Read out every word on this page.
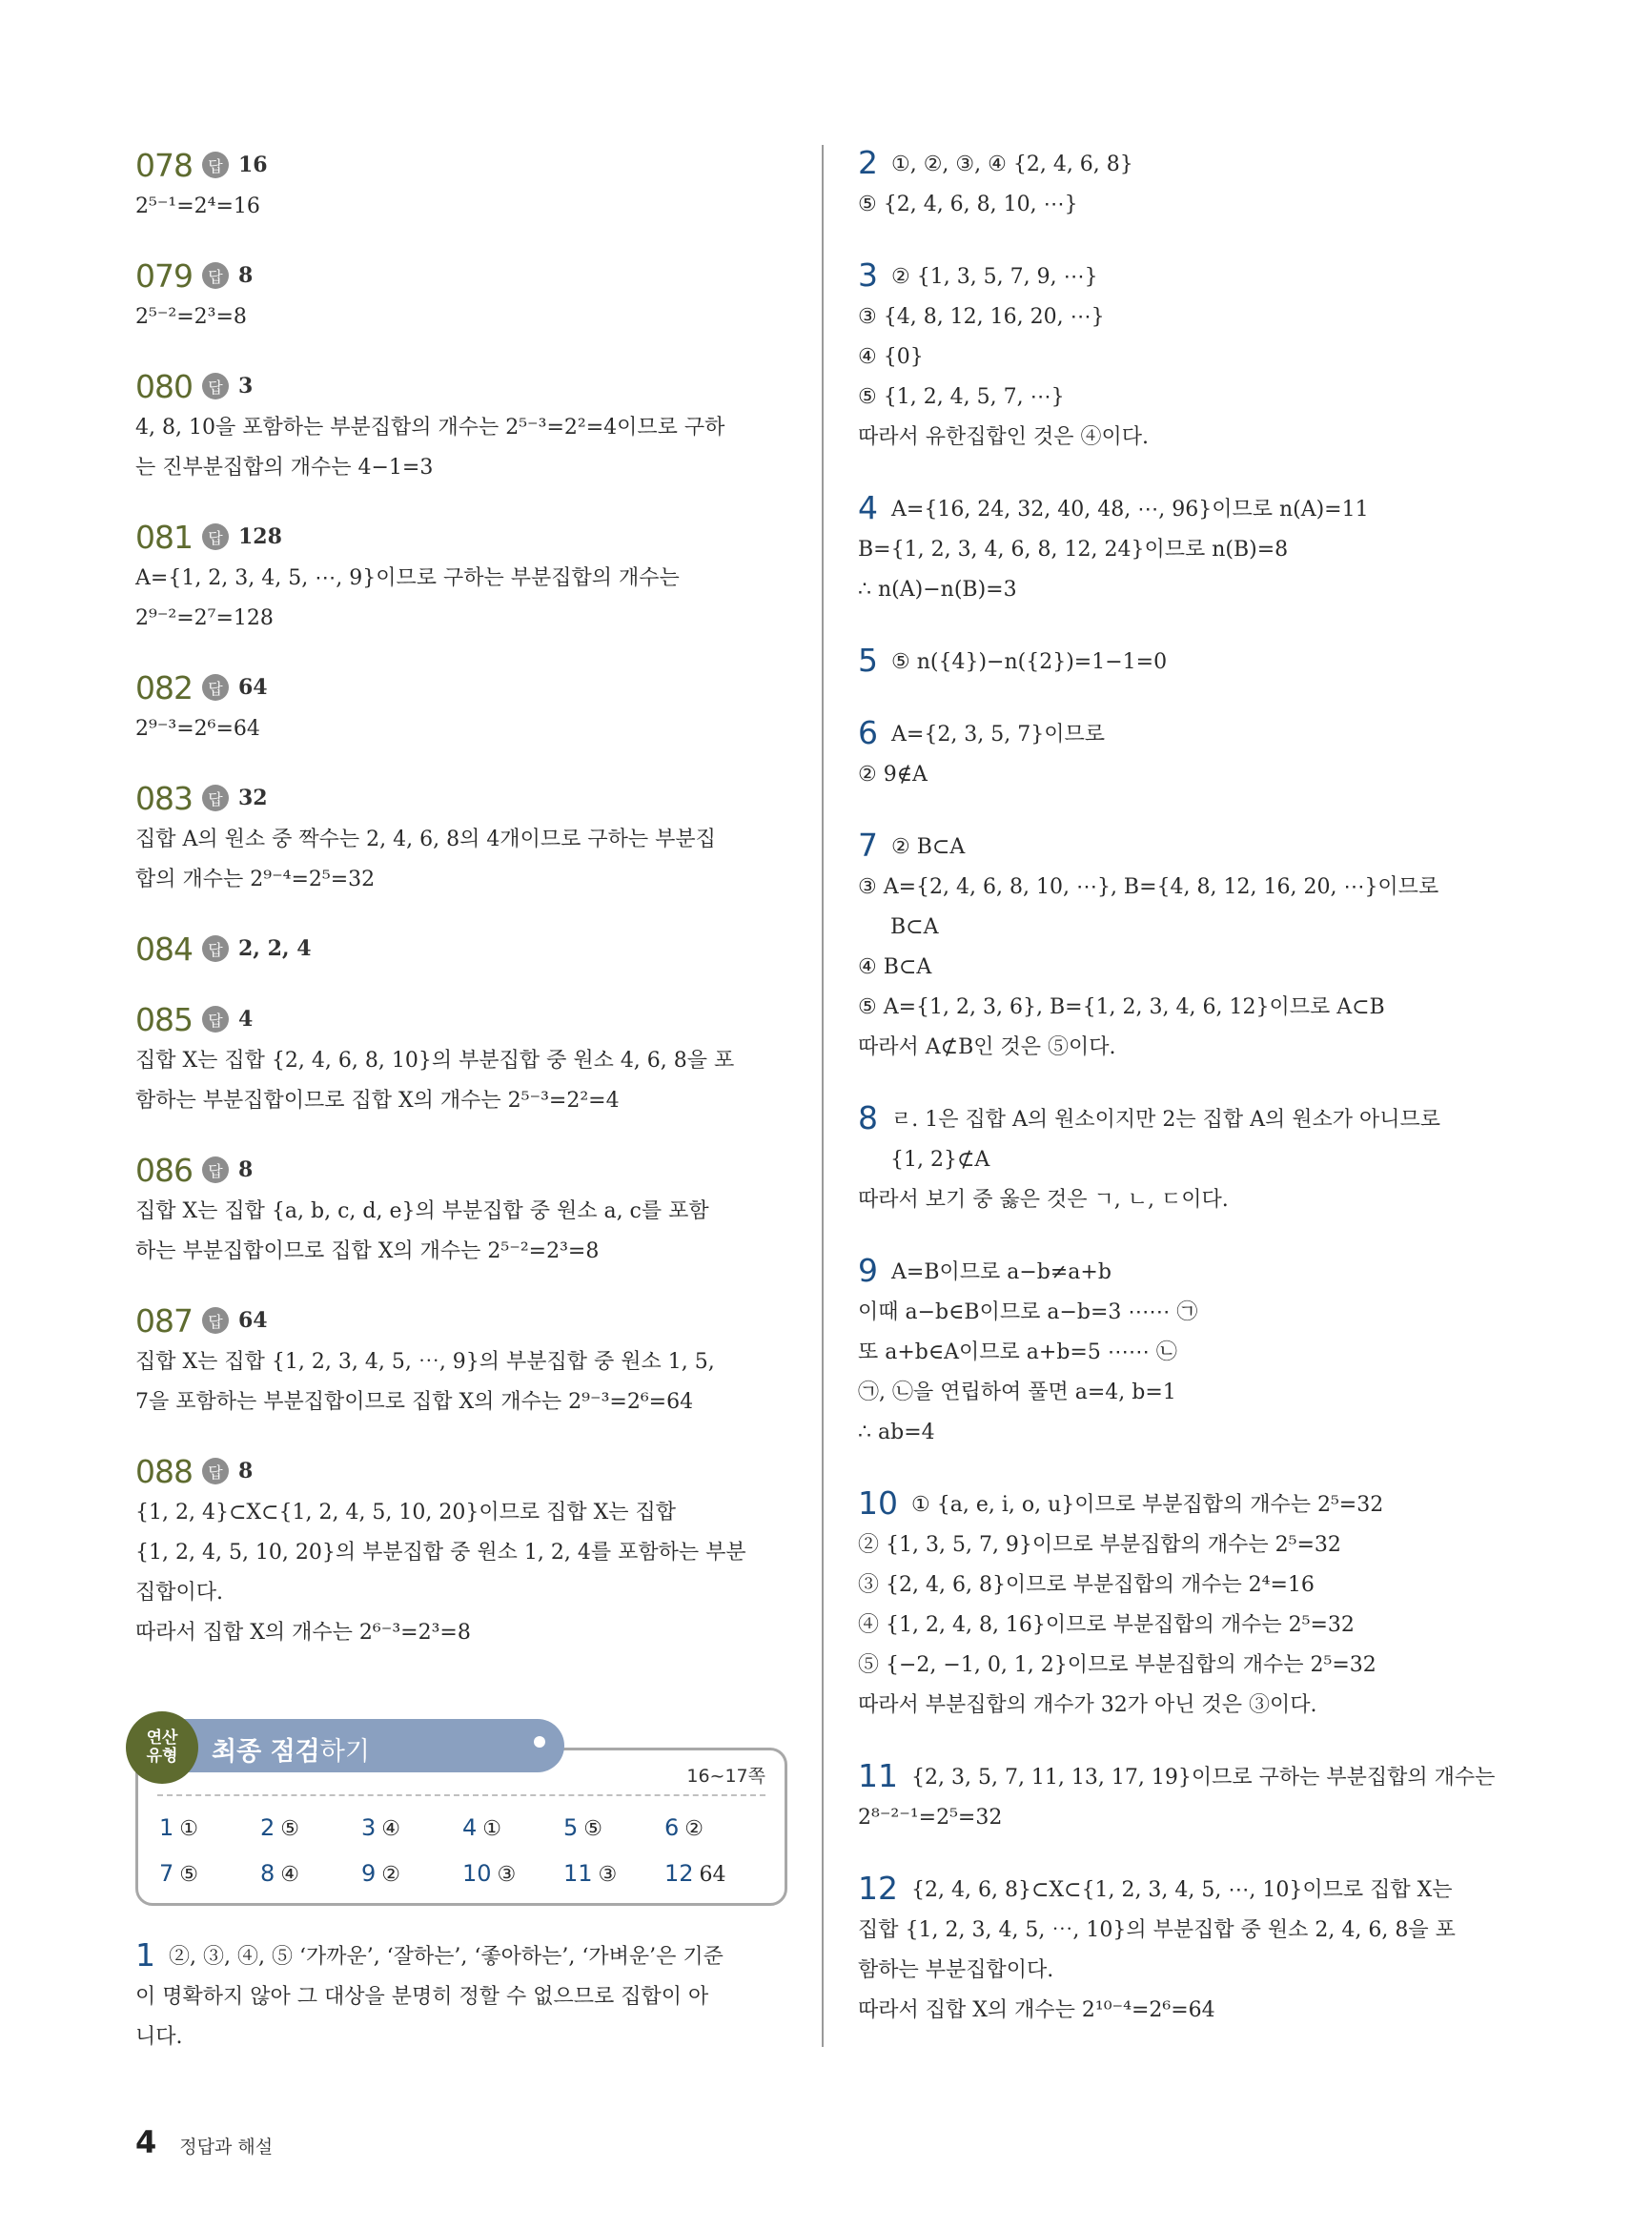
078	답 16
2⁵⁻¹=2⁴=16
079	답 8
2⁵⁻²=2³=8
080	답 3
4, 8, 10을 포함하는 부분집합의 개수는 2⁵⁻³=2²=4이므로 구하
는 진부분집합의 개수는 4−1=3
081	답 128
A={1, 2, 3, 4, 5, ⋯, 9}이므로 구하는 부분집합의 개수는
2⁹⁻²=2⁷=128
082	답 64
2⁹⁻³=2⁶=64
083	답 32
집합 A의 원소 중 짝수는 2, 4, 6, 8의 4개이므로 구하는 부분집
합의 개수는 2⁹⁻⁴=2⁵=32
084	답 2, 2, 4
085	답 4
집합 X는 집합 {2, 4, 6, 8, 10}의 부분집합 중 원소 4, 6, 8을 포
함하는 부분집합이므로 집합 X의 개수는 2⁵⁻³=2²=4
086	답 8
집합 X는 집합 {a, b, c, d, e}의 부분집합 중 원소 a, c를 포함
하는 부분집합이므로 집합 X의 개수는 2⁵⁻²=2³=8
087	답 64
집합 X는 집합 {1, 2, 3, 4, 5, ⋯, 9}의 부분집합 중 원소 1, 5,
7을 포함하는 부분집합이므로 집합 X의 개수는 2⁹⁻³=2⁶=64
088	답 8
{1, 2, 4}⊂X⊂{1, 2, 4, 5, 10, 20}이므로 집합 X는 집합
{1, 2, 4, 5, 10, 20}의 부분집합 중 원소 1, 2, 4를 포함하는 부분
집합이다.
따라서 집합 X의 개수는 2⁶⁻³=2³=8
연산
유형 최종 점검하기
16~17쪽
1 ①	2 ⑤	3 ④	4 ①	5 ⑤	6 ②
7 ⑤	8 ④	9 ②	10 ③	11 ③	12 64
1 ②, ③, ④, ⑤ ‘가까운’, ‘잘하는’, ‘좋아하는’, ‘가벼운’은 기준
이 명확하지 않아 그 대상을 분명히 정할 수 없으므로 집합이 아
니다.
2 ①, ②, ③, ④ {2, 4, 6, 8}
⑤ {2, 4, 6, 8, 10, ⋯}
3 ② {1, 3, 5, 7, 9, ⋯}
③ {4, 8, 12, 16, 20, ⋯}
④ {0}
⑤ {1, 2, 4, 5, 7, ⋯}
따라서 유한집합인 것은 ④이다.
4 A={16, 24, 32, 40, 48, ⋯, 96}이므로 n(A)=11
B={1, 2, 3, 4, 6, 8, 12, 24}이므로 n(B)=8
∴ n(A)−n(B)=3
5 ⑤ n({4})−n({2})=1−1=0
6 A={2, 3, 5, 7}이므로
② 9∉A
7 ② B⊂A
③ A={2, 4, 6, 8, 10, ⋯}, B={4, 8, 12, 16, 20, ⋯}이므로
B⊂A
④ B⊂A
⑤ A={1, 2, 3, 6}, B={1, 2, 3, 4, 6, 12}이므로 A⊂B
따라서 A⊄B인 것은 ⑤이다.
8 ㄹ. 1은 집합 A의 원소이지만 2는 집합 A의 원소가 아니므로
{1, 2}⊄A
따라서 보기 중 옳은 것은 ㄱ, ㄴ, ㄷ이다.
9 A=B이므로 a−b≠a+b
이때 a−b∈B이므로 a−b=3 ⋯⋯ ㉠
또 a+b∈A이므로 a+b=5 ⋯⋯ ㉡
㉠, ㉡을 연립하여 풀면 a=4, b=1
∴ ab=4
10 ① {a, e, i, o, u}이므로 부분집합의 개수는 2⁵=32
② {1, 3, 5, 7, 9}이므로 부분집합의 개수는 2⁵=32
③ {2, 4, 6, 8}이므로 부분집합의 개수는 2⁴=16
④ {1, 2, 4, 8, 16}이므로 부분집합의 개수는 2⁵=32
⑤ {−2, −1, 0, 1, 2}이므로 부분집합의 개수는 2⁵=32
따라서 부분집합의 개수가 32가 아닌 것은 ③이다.
11 {2, 3, 5, 7, 11, 13, 17, 19}이므로 구하는 부분집합의 개수는
2⁸⁻²⁻¹=2⁵=32
12 {2, 4, 6, 8}⊂X⊂{1, 2, 3, 4, 5, ⋯, 10}이므로 집합 X는
집합 {1, 2, 3, 4, 5, ⋯, 10}의 부분집합 중 원소 2, 4, 6, 8을 포
함하는 부분집합이다.
따라서 집합 X의 개수는 2¹⁰⁻⁴=2⁶=64
4 정답과 해설
